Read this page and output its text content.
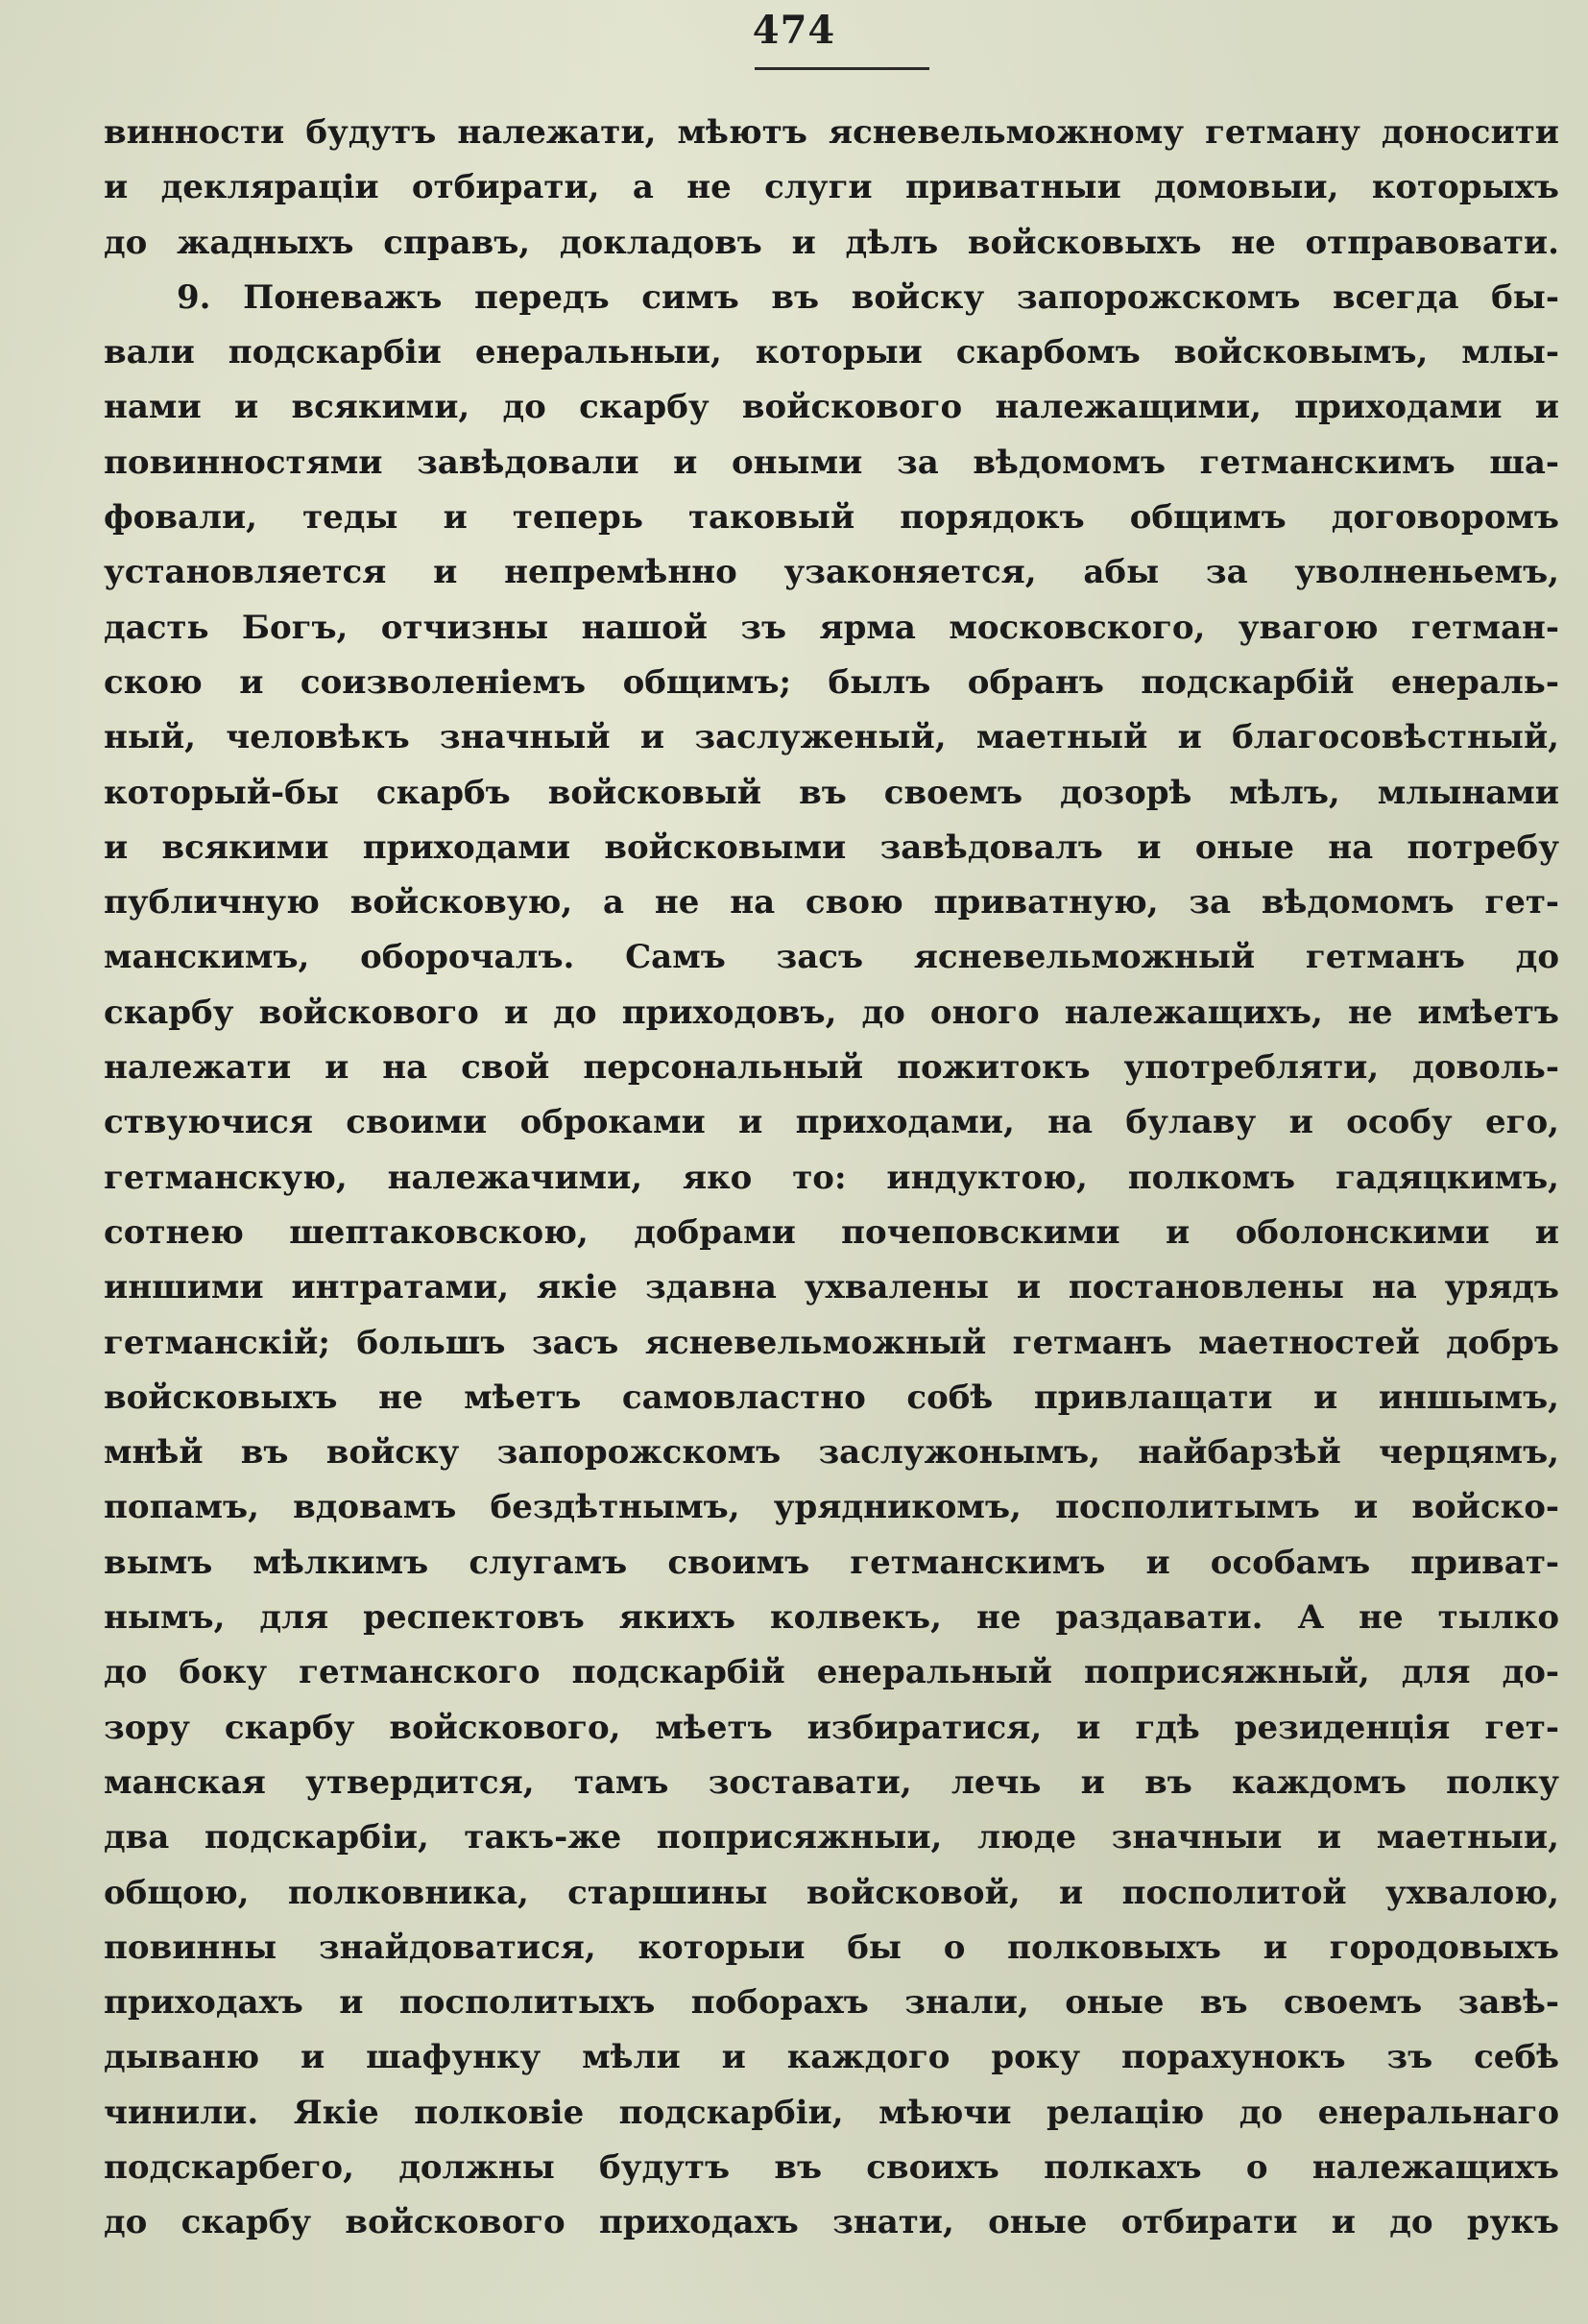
474
винности будутъ належати, мѣютъ ясневельможному гетману доносити
и декляраціи отбирати, а не слуги приватныи домовыи, которыхъ
до жадныхъ справъ, докладовъ и дѣлъ войсковыхъ не отправовати.
9. Поневажъ передъ симъ въ войску запорожскомъ всегда бы-
вали подскарбіи енеральныи, которыи скарбомъ войсковымъ, млы-
нами и всякими, до скарбу войскового належащими, приходами и
повинностями завѣдовали и оными за вѣдомомъ гетманскимъ ша-
фовали, теды и теперь таковый порядокъ общимъ договоромъ
установляется и непремѣнно узаконяется, абы за уволненьемъ,
дасть Богъ, отчизны нашой зъ ярма московского, увагою гетман-
скою и соизволеніемъ общимъ; былъ обранъ подскарбій енераль-
ный, человѣкъ значный и заслуженый, маетный и благосовѣстный,
который-бы скарбъ войсковый въ своемъ дозорѣ мѣлъ, млынами
и всякими приходами войсковыми завѣдовалъ и оные на потребу
публичную войсковую, а не на свою приватную, за вѣдомомъ гет-
манскимъ, оборочалъ. Самъ засъ ясневельможный гетманъ до
скарбу войскового и до приходовъ, до оного належащихъ, не имѣетъ
належати и на свой персональный пожитокъ употребляти, доволь-
ствуючися своими оброками и приходами, на булаву и особу его,
гетманскую, належачими, яко то: индуктою, полкомъ гадяцкимъ,
сотнею шептаковскою, добрами почеповскими и оболонскими и
иншими интратами, якіе здавна ухвалены и постановлены на урядъ
гетманскій; большъ засъ ясневельможный гетманъ маетностей добръ
войсковыхъ не мѣетъ самовластно собѣ привлащати и иншымъ,
мнѣй въ войску запорожскомъ заслужонымъ, найбарзѣй черцямъ,
попамъ, вдовамъ бездѣтнымъ, урядникомъ, посполитымъ и войско-
вымъ мѣлкимъ слугамъ своимъ гетманскимъ и особамъ приват-
нымъ, для респектовъ якихъ колвекъ, не раздавати. А не тылко
до боку гетманского подскарбій енеральный поприсяжный, для до-
зору скарбу войскового, мѣетъ избиратися, и гдѣ резиденція гет-
манская утвердится, тамъ зоставати, лечь и въ каждомъ полку
два подскарбіи, такъ-же поприсяжныи, люде значныи и маетныи,
общою, полковника, старшины войсковой, и посполитой ухвалою,
повинны знайдоватися, которыи бы о полковыхъ и городовыхъ
приходахъ и посполитыхъ поборахъ знали, оные въ своемъ завѣ-
дываню и шафунку мѣли и каждого року порахунокъ зъ себѣ
чинили. Якіе полковіе подскарбіи, мѣючи релацію до енеральнаго
подскарбего, должны будутъ въ своихъ полкахъ о належащихъ
до скарбу войскового приходахъ знати, оные отбирати и до рукъ
